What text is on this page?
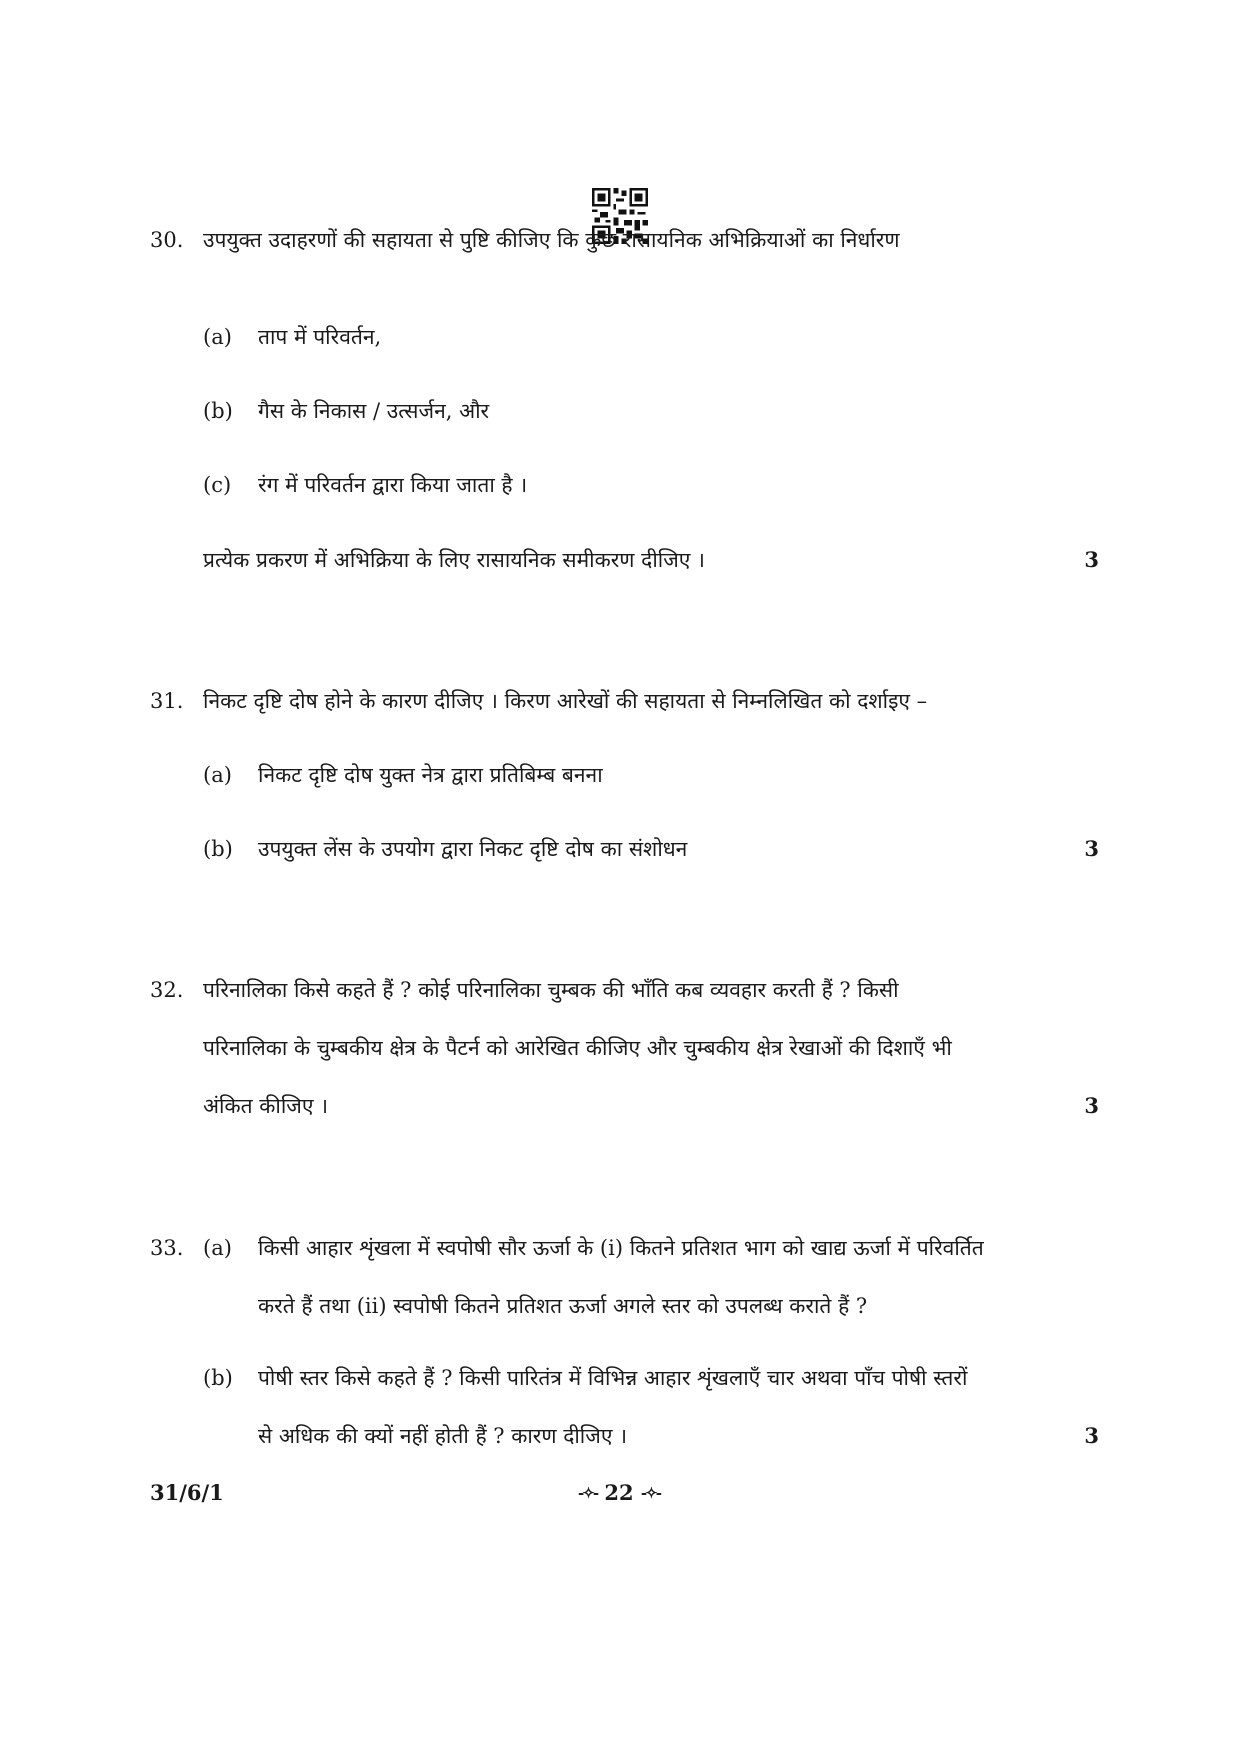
30. उपयुक्त उदाहरणों की सहायता से पुष्टि कीजिए कि कुछ रासायनिक अभिक्रियाओं का निर्धारण
(a) ताप में परिवर्तन,
(b) गैस के निकास / उत्सर्जन, और
(c) रंग में परिवर्तन द्वारा किया जाता है ।
प्रत्येक प्रकरण में अभिक्रिया के लिए रासायनिक समीकरण दीजिए ।	3
31. निकट दृष्टि दोष होने के कारण दीजिए । किरण आरेखों की सहायता से निम्नलिखित को दर्शाइए –
(a) निकट दृष्टि दोष युक्त नेत्र द्वारा प्रतिबिम्ब बनना
(b) उपयुक्त लेंस के उपयोग द्वारा निकट दृष्टि दोष का संशोधन	3
32. परिनालिका किसे कहते हैं ? कोई परिनालिका चुम्बक की भाँति कब व्यवहार करती हैं ? किसी
परिनालिका के चुम्बकीय क्षेत्र के पैटर्न को आरेखित कीजिए और चुम्बकीय क्षेत्र रेखाओं की दिशाएँ भी
अंकित कीजिए ।	3
33. (a) किसी आहार शृंखला में स्वपोषी सौर ऊर्जा के (i) कितने प्रतिशत भाग को खाद्य ऊर्जा में परिवर्तित
करते हैं तथा (ii) स्वपोषी कितने प्रतिशत ऊर्जा अगले स्तर को उपलब्ध कराते हैं ?
(b) पोषी स्तर किसे कहते हैं ? किसी पारितंत्र में विभिन्न आहार शृंखलाएँ चार अथवा पाँच पोषी स्तरों
से अधिक की क्यों नहीं होती हैं ? कारण दीजिए ।	3
31/6/1	-✧- 22 -✧-
